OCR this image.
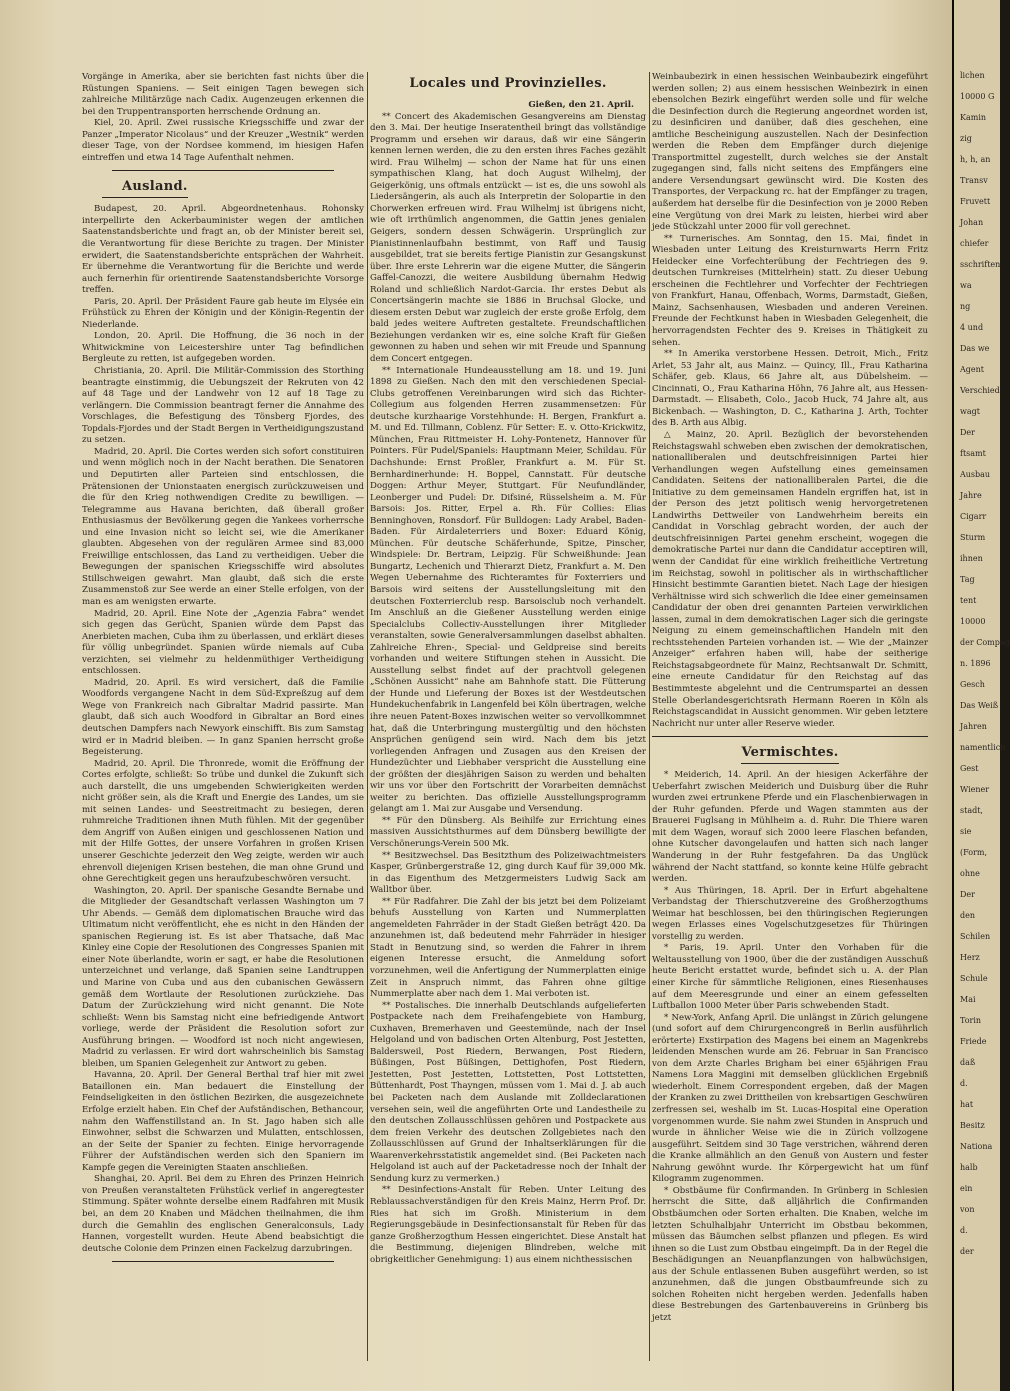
Vorgänge in Amerika, aber sie berichten fast nichts über die Rüstungen Spaniens. — Seit einigen Tagen bewegen sich zahlreiche Militärzüge nach Cadix. Augenzeugen erkennen die bei den Truppentransporten herrschende Ordnung an.

Kiel, 20. April. Zwei russische Kriegsschiffe und zwar der Panzer „Imperator Nicolaus“ und der Kreuzer „Westnik“ werden dieser Tage, von der Nordsee kommend, im hiesigen Hafen eintreffen und etwa 14 Tage Aufenthalt nehmen.

Ausland.

Budapest, 20. April. Abgeordnetenhaus. Rohonsky interpellirte den Ackerbauminister wegen der amtlichen Saatenstandsberichte und fragt an, ob der Minister bereit sei, die Verantwortung für diese Berichte zu tragen. Der Minister erwidert, die Saatenstandsberichte entsprächen der Wahrheit. Er übernehme die Verantwortung für die Berichte und werde auch fernerhin für orientirende Saatenstandsberichte Vorsorge treffen.

Paris, 20. April. Der Präsident Faure gab heute im Elysée ein Frühstück zu Ehren der Königin und der Königin-Regentin der Niederlande.

London, 20. April. Die Hoffnung, die 36 noch in der Whitwickmine von Leicestershire unter Tag befindlichen Bergleute zu retten, ist aufgegeben worden.

Christiania, 20. April. Die Militär-Commission des Storthing beantragte einstimmig, die Uebungszeit der Rekruten von 42 auf 48 Tage und der Landwehr von 12 auf 18 Tage zu verlängern. Die Commission beantragt ferner die Annahme des Vorschlages, die Befestigung des Tönsberg Fjordes, des Topdals-Fjordes und der Stadt Bergen in Vertheidigungszustand zu setzen.

Madrid, 20. April. Die Cortes werden sich sofort constituiren und wenn möglich noch in der Nacht berathen. Die Senatoren und Deputirten aller Parteien sind entschlossen, die Prätensionen der Unionstaaten energisch zurückzuweisen und die für den Krieg nothwendigen Credite zu bewilligen. — Telegramme aus Havana berichten, daß überall großer Enthusiasmus der Bevölkerung gegen die Yankees vorherrsche und eine Invasion nicht so leicht sei, wie die Amerikaner glaubten. Abgesehen von der regulären Armee sind 83,000 Freiwillige entschlossen, das Land zu vertheidigen. Ueber die Bewegungen der spanischen Kriegsschiffe wird absolutes Stillschweigen gewahrt. Man glaubt, daß sich die erste Zusammenstoß zur See werde an einer Stelle erfolgen, von der man es am wenigsten erwarte.

Madrid, 20. April. Eine Note der „Agenzia Fabra“ wendet sich gegen das Gerücht, Spanien würde dem Papst das Anerbieten machen, Cuba ihm zu überlassen, und erklärt dieses für völlig unbegründet. Spanien würde niemals auf Cuba verzichten, sei vielmehr zu heldenmüthiger Vertheidigung entschlossen.

Madrid, 20. April. Es wird versichert, daß die Familie Woodfords vergangene Nacht in dem Süd-Expreßzug auf dem Wege von Frankreich nach Gibraltar Madrid passirte. Man glaubt, daß sich auch Woodford in Gibraltar an Bord eines deutschen Dampfers nach Newyork einschifft. Bis zum Samstag wird er in Madrid bleiben. — In ganz Spanien herrscht große Begeisterung.

Madrid, 20. April. Die Thronrede, womit die Eröffnung der Cortes erfolgte, schließt: So trübe und dunkel die Zukunft sich auch darstellt, die uns umgebenden Schwierigkeiten werden nicht größer sein, als die Kraft und Energie des Landes, um sie mit seinen Landes- und Seestreitmacht zu besiegen, deren ruhmreiche Traditionen ihnen Muth fühlen. Mit der gegenüber dem Angriff von Außen einigen und geschlossenen Nation und mit der Hilfe Gottes, der unsere Vorfahren in großen Krisen unserer Geschichte jederzeit den Weg zeigte, werden wir auch ehrenvoll diejenigen Krisen bestehen, die man ohne Grund und ohne Gerechtigkeit gegen uns heraufzubeschwören versucht.

Washington, 20. April. Der spanische Gesandte Bernabe und die Mitglieder der Gesandtschaft verlassen Washington um 7 Uhr Abends. — Gemäß dem diplomatischen Brauche wird das Ultimatum nicht veröffentlicht, ehe es nicht in den Händen der spanischen Regierung ist. Es ist aber Thatsache, daß Mac Kinley eine Copie der Resolutionen des Congresses Spanien mit einer Note überlandte, worin er sagt, er habe die Resolutionen unterzeichnet und verlange, daß Spanien seine Landtruppen und Marine von Cuba und aus den cubanischen Gewässern gemäß dem Wortlaute der Resolutionen zurückziehe. Das Datum der Zurückziehung wird nicht genannt. Die Note schließt: Wenn bis Samstag nicht eine befriedigende Antwort vorliege, werde der Präsident die Resolution sofort zur Ausführung bringen. — Woodford ist noch nicht angewiesen, Madrid zu verlassen. Er wird dort wahrscheinlich bis Samstag bleiben, um Spanien Gelegenheit zur Antwort zu geben.

Havanna, 20. April. Der General Berthal traf hier mit zwei Bataillonen ein. Man bedauert die Einstellung der Feindseligkeiten in den östlichen Bezirken, die ausgezeichnete Erfolge erzielt haben. Ein Chef der Aufständischen, Bethancour, nahm den Waffenstillstand an. In St. Jago haben sich alle Einwohner, selbst die Schwarzen und Mulatten, entschlossen, an der Seite der Spanier zu fechten. Einige hervorragende Führer der Aufständischen werden sich den Spaniern im Kampfe gegen die Vereinigten Staaten anschließen.

Shanghai, 20. April. Bei dem zu Ehren des Prinzen Heinrich von Preußen veranstalteten Frühstück verlief in angeregtester Stimmung. Später wohnte derselbe einem Radfahren mit Musik bei, an dem 20 Knaben und Mädchen theilnahmen, die ihm durch die Gemahlin des englischen Generalconsuls, Lady Hannen, vorgestellt wurden. Heute Abend beabsichtigt die deutsche Colonie dem Prinzen einen Fackelzug darzubringen.

Locales und Provinzielles.

Gießen, den 21. April.

** Concert des Akademischen Gesangvereins am Dienstag den 3. Mai. Der heutige Inseratentheil bringt das vollständige Programm und ersehen wir daraus, daß wir eine Sängerin kennen lernen werden, die zu den ersten ihres Faches gezählt wird. Frau Wilhelmj — schon der Name hat für uns einen sympathischen Klang, hat doch August Wilhelmj, der Geigerkönig, uns oftmals entzückt — ist es, die uns sowohl als Liedersängerin, als auch als Interpretin der Solopartie in den Chorwerken erfreuen wird. Frau Wilhelmj ist übrigens nicht, wie oft irrthümlich angenommen, die Gattin jenes genialen Geigers, sondern dessen Schwägerin. Ursprünglich zur Pianistinnenlaufbahn bestimmt, von Raff und Tausig ausgebildet, trat sie bereits fertige Pianistin zur Gesangskunst über. Ihre erste Lehrerin war die eigene Mutter, die Sängerin Gaffel-Canozzi, die weitere Ausbildung übernahm Hedwig Roland und schließlich Nardot-Garcia. Ihr erstes Debut als Concertsängerin machte sie 1886 in Bruchsal Glocke, und diesem ersten Debut war zugleich der erste große Erfolg, dem bald jedes weitere Auftreten gestaltete. Freundschaftlichen Beziehungen verdanken wir es, eine solche Kraft für Gießen gewonnen zu haben und sehen wir mit Freude und Spannung dem Concert entgegen.

** Internationale Hundeausstellung am 18. und 19. Juni 1898 zu Gießen. Nach den mit den verschiedenen Special-Clubs getroffenen Vereinbarungen wird sich das Richter-Collegium aus folgenden Herren zusammensetzen: Für deutsche kurzhaarige Vorstehhunde: H. Bergen, Frankfurt a. M. und Ed. Tillmann, Coblenz. Für Setter: E. v. Otto-Krickwitz, München, Frau Rittmeister H. Lohy-Pontenetz, Hannover für Pointers. Für Pudel/Spaniels: Hauptmann Meier, Schildau. Für Dachshunde: Ernst Proßler, Frankfurt a. M. Für St. Bernhardinerhunde: H. Boppel, Cannstatt. Für deutsche Doggen: Arthur Meyer, Stuttgart. Für Neufundländer, Leonberger und Pudel: Dr. Difsiné, Rüsselsheim a. M. Für Barsois: Jos. Ritter, Erpel a. Rh. Für Collies: Elias Benninghoven, Ronsdorf. Für Bulldogen: Lady Arabel, Baden-Baden. Für Airdaleterriers und Boxer: Eduard König, München. Für deutsche Schäferhunde, Spitze, Pinscher, Windspiele: Dr. Bertram, Leipzig. Für Schweißhunde: Jean Bungartz, Lechenich und Thierarzt Dietz, Frankfurt a. M. Den Wegen Uebernahme des Richteramtes für Foxterriers und Barsois wird seitens der Ausstellungsleitung mit den deutschen Foxterrierclub resp. Barsoisclub noch verhandelt. Im Anschluß an die Gießener Ausstellung werden einige Specialclubs Collectiv-Ausstellungen ihrer Mitglieder veranstalten, sowie Generalversammlungen daselbst abhalten. Zahlreiche Ehren-, Special- und Geldpreise sind bereits vorhanden und weitere Stiftungen stehen in Aussicht. Die Ausstellung selbst findet auf der prachtvoll gelegenen „Schönen Aussicht“ nahe am Bahnhofe statt. Die Fütterung der Hunde und Lieferung der Boxes ist der Westdeutschen Hundekuchenfabrik in Langenfeld bei Köln übertragen, welche ihre neuen Patent-Boxes inzwischen weiter so vervollkommnet hat, daß die Unterbringung mustergültig und den höchsten Ansprüchen genügend sein wird. Nach dem bis jetzt vorliegenden Anfragen und Zusagen aus den Kreisen der Hundezüchter und Liebhaber verspricht die Ausstellung eine der größten der diesjährigen Saison zu werden und behalten wir uns vor über den Fortschritt der Vorarbeiten demnächst weiter zu berichten. Das offizielle Ausstellungsprogramm gelangt am 1. Mai zur Ausgabe und Versendung.

** Für den Dünsberg. Als Beihilfe zur Errichtung eines massiven Aussichtsthurmes auf dem Dünsberg bewilligte der Verschönerungs-Verein 500 Mk.

** Besitzwechsel. Das Besitzthum des Polizeiwachtmeisters Kasper, Grünbergerstraße 12, ging durch Kauf für 39,000 Mk. in das Eigenthum des Metzgermeisters Ludwig Sack am Walltbor über.

** Für Radfahrer. Die Zahl der bis jetzt bei dem Polizeiamt behufs Ausstellung von Karten und Nummerplatten angemeldeten Fahrräder in der Stadt Gießen beträgt 420. Da anzunehmen ist, daß bedeutend mehr Fahrräder in hiesiger Stadt in Benutzung sind, so werden die Fahrer in ihrem eigenen Interesse ersucht, die Anmeldung sofort vorzunehmen, weil die Anfertigung der Nummerplatten einige Zeit in Anspruch nimmt, das Fahren ohne giltige Nummerplatte aber nach dem 1. Mai verboten ist.

** Postalisches. Die innerhalb Deutschlands aufgelieferten Postpackete nach dem Freihafengebiete von Hamburg, Cuxhaven, Bremerhaven und Geestemünde, nach der Insel Helgoland und von badischen Orten Altenburg, Post Jestetten, Baldersweil, Post Riedern, Berwangen, Post Riedern, Büßingen, Post Büßingen, Dettighofen, Post Riedern, Jestetten, Post Jestetten, Lottstetten, Post Lottstetten, Büttenhardt, Post Thayngen, müssen vom 1. Mai d. J. ab auch bei Packeten nach dem Auslande mit Zolldeclarationen versehen sein, weil die angeführten Orte und Landestheile zu den deutschen Zollausschlüssen gehören und Postpackete aus dem freien Verkehr des deutschen Zollgebietes nach den Zollausschlüssen auf Grund der Inhaltserklärungen für die Waarenverkehrsstatistik angemeldet sind. (Bei Packeten nach Helgoland ist auch auf der Packetadresse noch der Inhalt der Sendung kurz zu vermerken.)

** Desinfections-Anstalt für Reben. Unter Leitung des Reblaussachverständigen für den Kreis Mainz, Herrn Prof. Dr. Ries hat sich im Großh. Ministerium in dem Regierungsgebäude in Desinfectionsanstalt für Reben für das ganze Großherzogthum Hessen eingerichtet. Diese Anstalt hat die Bestimmung, diejenigen Blindreben, welche mit obrigkeitlicher Genehmigung: 1) aus einem nichthessischen

Weinbaubezirk in einen hessischen Weinbaubezirk eingeführt werden sollen; 2) aus einem hessischen Weinbezirk in einen ebensolchen Bezirk eingeführt werden solle und für welche die Desinfection durch die Regierung angeordnet worden ist, zu desinficiren und danüber, daß dies geschehen, eine amtliche Bescheinigung auszustellen. Nach der Desinfection werden die Reben dem Empfänger durch diejenige Transportmittel zugestellt, durch welches sie der Anstalt zugegangen sind, falls nicht seitens des Empfängers eine andere Versendungsart gewünscht wird. Die Kosten des Transportes, der Verpackung rc. hat der Empfänger zu tragen, außerdem hat derselbe für die Desinfection von je 2000 Reben eine Vergütung von drei Mark zu leisten, hierbei wird aber jede Stückzahl unter 2000 für voll gerechnet.

** Turnerisches. Am Sonntag, den 15. Mai, findet in Wiesbaden unter Leitung des Kreisturnwarts Herrn Fritz Heidecker eine Vorfechterübung der Fechtriegen des 9. deutschen Turnkreises (Mittelrhein) statt. Zu dieser Uebung erscheinen die Fechtlehrer und Vorfechter der Fechtriegen von Frankfurt, Hanau, Offenbach, Worms, Darmstadt, Gießen, Mainz, Sachsenhausen, Wiesbaden und anderen Vereinen. Freunde der Fechtkunst haben in Wiesbaden Gelegenheit, die hervorragendsten Fechter des 9. Kreises in Thätigkeit zu sehen.

** In Amerika verstorbene Hessen. Detroit, Mich., Fritz Arlet, 53 Jahr alt, aus Mainz. — Quincy, Ill., Frau Katharina Schäfer, geb. Klaus, 66 Jahre alt, aus Dübelsheim. — Cincinnati, O., Frau Katharina Höhn, 76 Jahre alt, aus Hessen-Darmstadt. — Elisabeth, Colo., Jacob Huck, 74 Jahre alt, aus Bickenbach. — Washington, D. C., Katharina J. Arth, Tochter des B. Arth aus Albig.

△ Mainz, 20. April. Bezüglich der bevorstehenden Reichstagswahl schweben eben zwischen der demokratischen, nationalliberalen und deutschfreisinnigen Partei hier Verhandlungen wegen Aufstellung eines gemeinsamen Candidaten. Seitens der nationalliberalen Partei, die die Initiative zu dem gemeinsamen Handeln ergriffen hat, ist in der Person des jetzt politisch wenig hervorgetretenen Landwirths Dettweiler von Landwehrheim bereits ein Candidat in Vorschlag gebracht worden, der auch der deutschfreisinnigen Partei genehm erscheint, wogegen die demokratische Partei nur dann die Candidatur acceptiren will, wenn der Candidat für eine wirklich freiheitliche Vertretung im Reichstag, sowohl in politischer als in wirthschaftlicher Hinsicht bestimmte Garantien bietet. Nach Lage der hiesigen Verhältnisse wird sich schwerlich die Idee einer gemeinsamen Candidatur der oben drei genannten Parteien verwirklichen lassen, zumal in dem demokratischen Lager sich die geringste Neigung zu einem gemeinschaftlichen Handeln mit den rechtsstehenden Parteien vorhanden ist. — Wie der „Mainzer Anzeiger“ erfahren haben will, habe der seitherige Reichstagsabgeordnete für Mainz, Rechtsanwalt Dr. Schmitt, eine erneute Candidatur für den Reichstag auf das Bestimmteste abgelehnt und die Centrumspartei an dessen Stelle Oberlandesgerichtsrath Hermann Roeren in Köln als Reichstagscandidat in Aussicht genommen. Wir geben letztere Nachricht nur unter aller Reserve wieder.

Vermischtes.

* Meiderich, 14. April. An der hiesigen Ackerfähre der Ueberfahrt zwischen Meiderich und Duisburg über die Ruhr wurden zwei ertrunkene Pferde und ein Flaschenbierwagen in der Ruhr gefunden. Pferde und Wagen stammten aus der Brauerei Fuglsang in Mühlheim a. d. Ruhr. Die Thiere waren mit dem Wagen, worauf sich 2000 leere Flaschen befanden, ohne Kutscher davongelaufen und hatten sich nach langer Wanderung in der Ruhr festgefahren. Da das Unglück während der Nacht stattfand, so konnte keine Hülfe gebracht werden.

* Aus Thüringen, 18. April. Der in Erfurt abgehaltene Verbandstag der Thierschutzvereine des Großherzogthums Weimar hat beschlossen, bei den thüringischen Regierungen wegen Erlasses eines Vogelschutzgesetzes für Thüringen vorstellig zu werden.

* Paris, 19. April. Unter den Vorhaben für die Weltausstellung von 1900, über die der zuständigen Ausschuß heute Bericht erstattet wurde, befindet sich u. A. der Plan einer Kirche für sämmtliche Religionen, eines Riesenhauses auf dem Meeresgrunde und einer an einem gefesselten Luftballon 1000 Meter über Paris schwebenden Stadt.

* New-York, Anfang April. Die unlängst in Zürich gelungene (und sofort auf dem Chirurgencongreß in Berlin ausführlich erörterte) Exstirpation des Magens bei einem an Magenkrebs leidenden Menschen wurde am 26. Februar in San Francisco von dem Arzte Charles Brigham bei einer 65jährigen Frau Namens Lora Maggini mit demselben glücklichen Ergebniß wiederholt. Einem Correspondent ergeben, daß der Magen der Kranken zu zwei Drittheilen von krebsartigen Geschwüren zerfressen sei, weshalb im St. Lucas-Hospital eine Operation vorgenommen wurde. Sie nahm zwei Stunden in Anspruch und wurde in ähnlicher Weise wie die in Zürich vollzogene ausgeführt. Seitdem sind 30 Tage verstrichen, während deren die Kranke allmählich an den Genuß von Austern und fester Nahrung gewöhnt wurde. Ihr Körpergewicht hat um fünf Kilogramm zugenommen.

* Obstbäume für Confirmanden. In Grünberg in Schlesien herrscht die Sitte, daß alljährlich die Confirmanden Obstbäumchen oder Sorten erhalten. Die Knaben, welche im letzten Schulhalbjahr Unterricht im Obstbau bekommen, müssen das Bäumchen selbst pflanzen und pflegen. Es wird ihnen so die Lust zum Obstbau eingeimpft. Da in der Regel die Beschädigungen an Neuanpflanzungen von halbwüchsigen, aus der Schule entlassenen Buben ausgeführt werden, so ist anzunehmen, daß die jungen Obstbaumfreunde sich zu solchen Roheiten nicht hergeben werden. Jedenfalls haben diese Bestrebungen des Gartenbauvereins in Grünberg bis jetzt

lichen
10000 G
Kamin
zig
h, h, an
Transv
Fruvett
Johan
chiefer
sschriften
wa
ng
4 und
Das we
Agent
Verschied
wagt
Der
ftsamt
Ausbau
Jahre
Cigarr
Sturm
ihnen
Tag
tent
10000
der Compag
n. 1896
Gesch
Das Weiß
Jahren
namentlich
Gest
Wiener
stadt,
sie
(Form,
ohne
Der
den
Schilen
Herz
Schule
Mai
Torin
Friede
daß
d.
hat
Besitz
Nationa
halb
ein
von
d.
der
